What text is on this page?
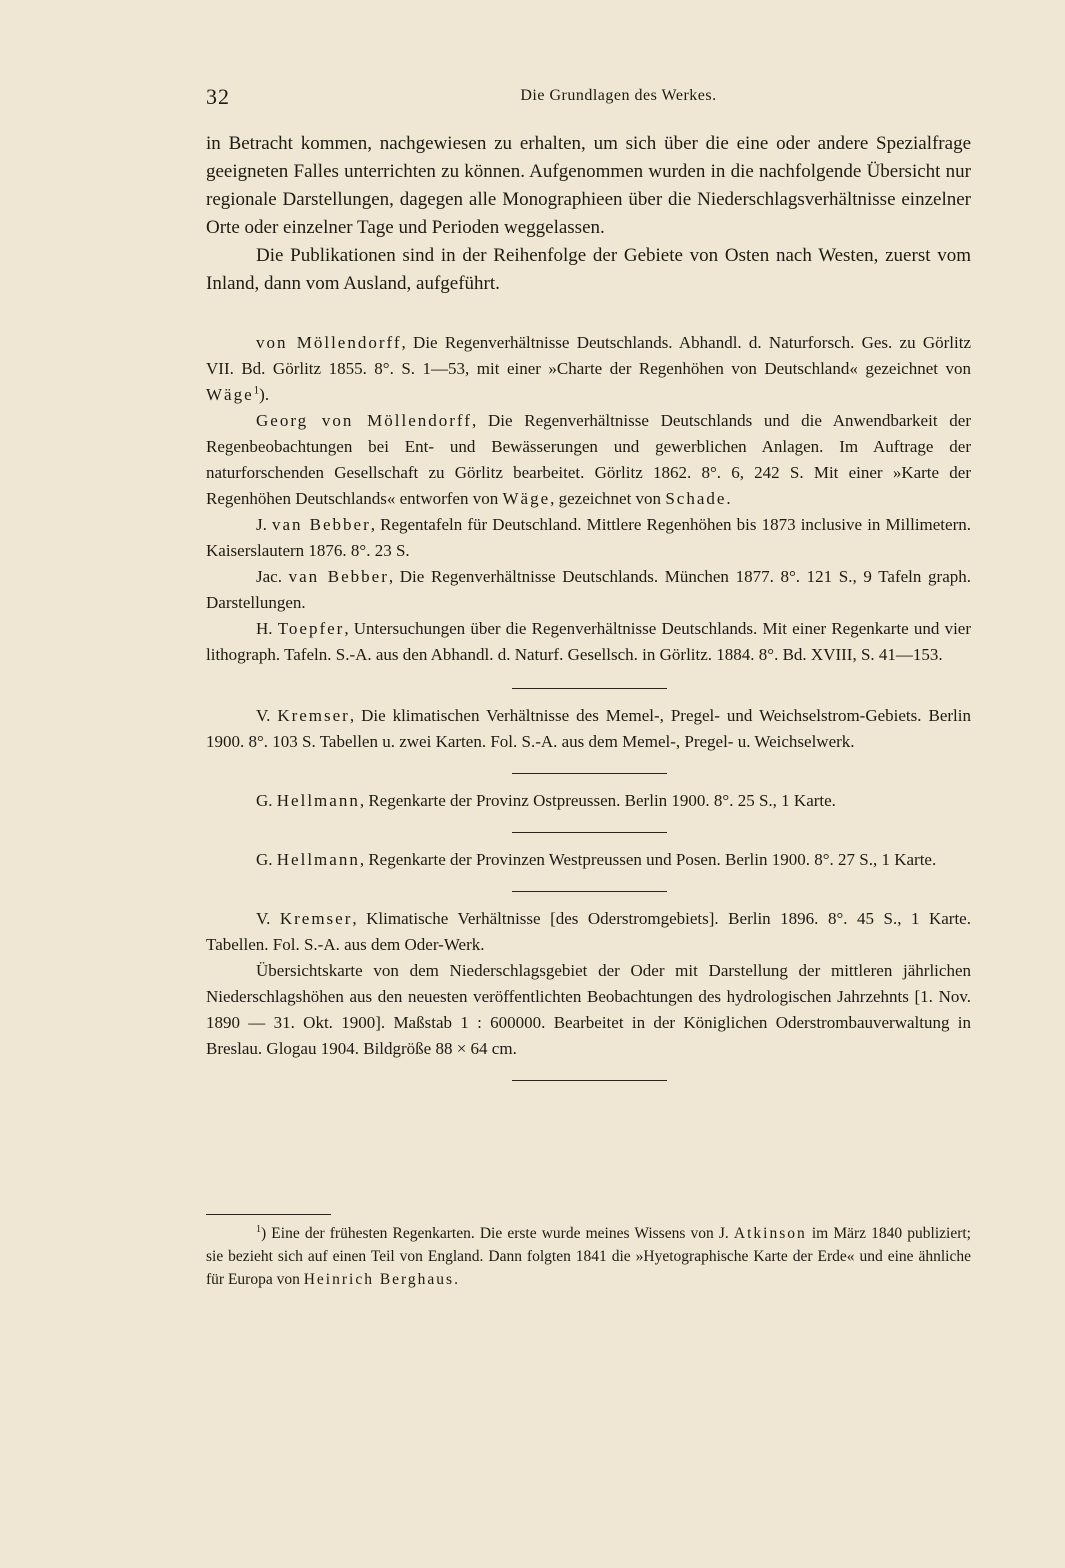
32	Die Grundlagen des Werkes.

in Betracht kommen, nachgewiesen zu erhalten, um sich über die eine oder andere Spezialfrage geeigneten Falles unterrichten zu können. Aufgenommen wurden in die nachfolgende Übersicht nur regionale Darstellungen, dagegen alle Monographieen über die Niederschlagsverhältnisse einzelner Orte oder einzelner Tage und Perioden weggelassen.

Die Publikationen sind in der Reihenfolge der Gebiete von Osten nach Westen, zuerst vom Inland, dann vom Ausland, aufgeführt.

von Möllendorff, Die Regenverhältnisse Deutschlands. Abhandl. d. Naturforsch. Ges. zu Görlitz VII. Bd. Görlitz 1855. 8°. S. 1—53, mit einer »Charte der Regenhöhen von Deutschland« gezeichnet von Wäge$^1$).

Georg von Möllendorff, Die Regenverhältnisse Deutschlands und die Anwendbarkeit der Regenbeobachtungen bei Ent- und Bewässerungen und gewerblichen Anlagen. Im Auftrage der naturforschenden Gesellschaft zu Görlitz bearbeitet. Görlitz 1862. 8°. 6, 242 S. Mit einer »Karte der Regenhöhen Deutschlands« entworfen von Wäge, gezeichnet von Schade.

J. van Bebber, Regentafeln für Deutschland. Mittlere Regenhöhen bis 1873 inclusive in Millimetern. Kaiserslautern 1876. 8°. 23 S.

Jac. van Bebber, Die Regenverhältnisse Deutschlands. München 1877. 8°. 121 S., 9 Tafeln graph. Darstellungen.

H. Toepfer, Untersuchungen über die Regenverhältnisse Deutschlands. Mit einer Regenkarte und vier lithograph. Tafeln. S.-A. aus den Abhandl. d. Naturf. Gesellsch. in Görlitz. 1884. 8°. Bd. XVIII, S. 41—153.

V. Kremser, Die klimatischen Verhältnisse des Memel-, Pregel- und Weichselstrom-Gebiets. Berlin 1900. 8°. 103 S. Tabellen u. zwei Karten. Fol. S.-A. aus dem Memel-, Pregel- u. Weichselwerk.

G. Hellmann, Regenkarte der Provinz Ostpreussen. Berlin 1900. 8°. 25 S., 1 Karte.

G. Hellmann, Regenkarte der Provinzen Westpreussen und Posen. Berlin 1900. 8°. 27 S., 1 Karte.

V. Kremser, Klimatische Verhältnisse [des Oderstromgebiets]. Berlin 1896. 8°. 45 S., 1 Karte. Tabellen. Fol. S.-A. aus dem Oder-Werk.

Übersichtskarte von dem Niederschlagsgebiet der Oder mit Darstellung der mittleren jährlichen Niederschlagshöhen aus den neuesten veröffentlichten Beobachtungen des hydrologischen Jahrzehnts [1. Nov. 1890 — 31. Okt. 1900]. Maßstab 1 : 600000. Bearbeitet in der Königlichen Oderstrombauverwaltung in Breslau. Glogau 1904. Bildgröße 88 × 64 cm.

$^1$) Eine der frühesten Regenkarten. Die erste wurde meines Wissens von J. Atkinson im März 1840 publiziert; sie bezieht sich auf einen Teil von England. Dann folgten 1841 die »Hyetographische Karte der Erde« und eine ähnliche für Europa von Heinrich Berghaus.
